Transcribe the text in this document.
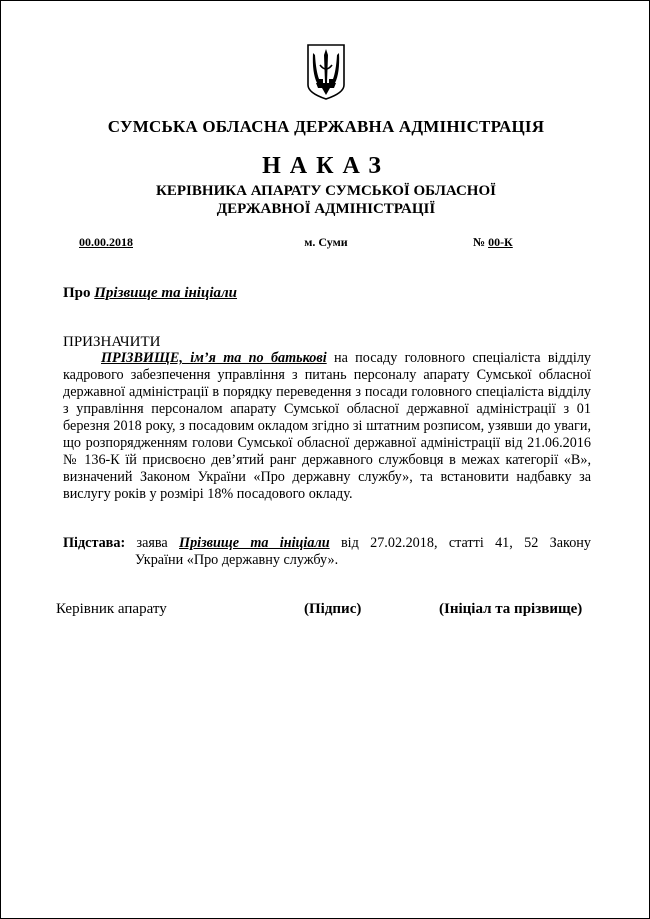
СУМСЬКА ОБЛАСНА ДЕРЖАВНА АДМІНІСТРАЦІЯ
НАКАЗ
КЕРІВНИКА АПАРАТУ СУМСЬКОЇ ОБЛАСНОЇ
ДЕРЖАВНОЇ АДМІНІСТРАЦІЇ
00.00.2018	м. Суми	№ 00-К
Про Прізвище та ініціали
ПРИЗНАЧИТИ
ПРІЗВИЩЕ, ім’я та по батькові на посаду головного спеціаліста відділу кадрового забезпечення управління з питань персоналу апарату Сумської обласної державної адміністрації в порядку переведення з посади головного спеціаліста відділу з управління персоналом апарату Сумської обласної державної адміністрації з 01 березня 2018 року, з посадовим окладом згідно зі штатним розписом, узявши до уваги, що розпорядженням голови Сумської обласної державної адміністрації від 21.06.2016 № 136-К їй присвоєно дев’ятий ранг державного службовця в межах категорії «В», визначений Законом України «Про державну службу», та встановити надбавку за вислугу років у розмірі 18% посадового окладу.
Підстава: заява Прізвище та ініціали від 27.02.2018, статті 41, 52 Закону
України «Про державну службу».
Керівник апарату	(Підпис)	(Ініціал та прізвище)
